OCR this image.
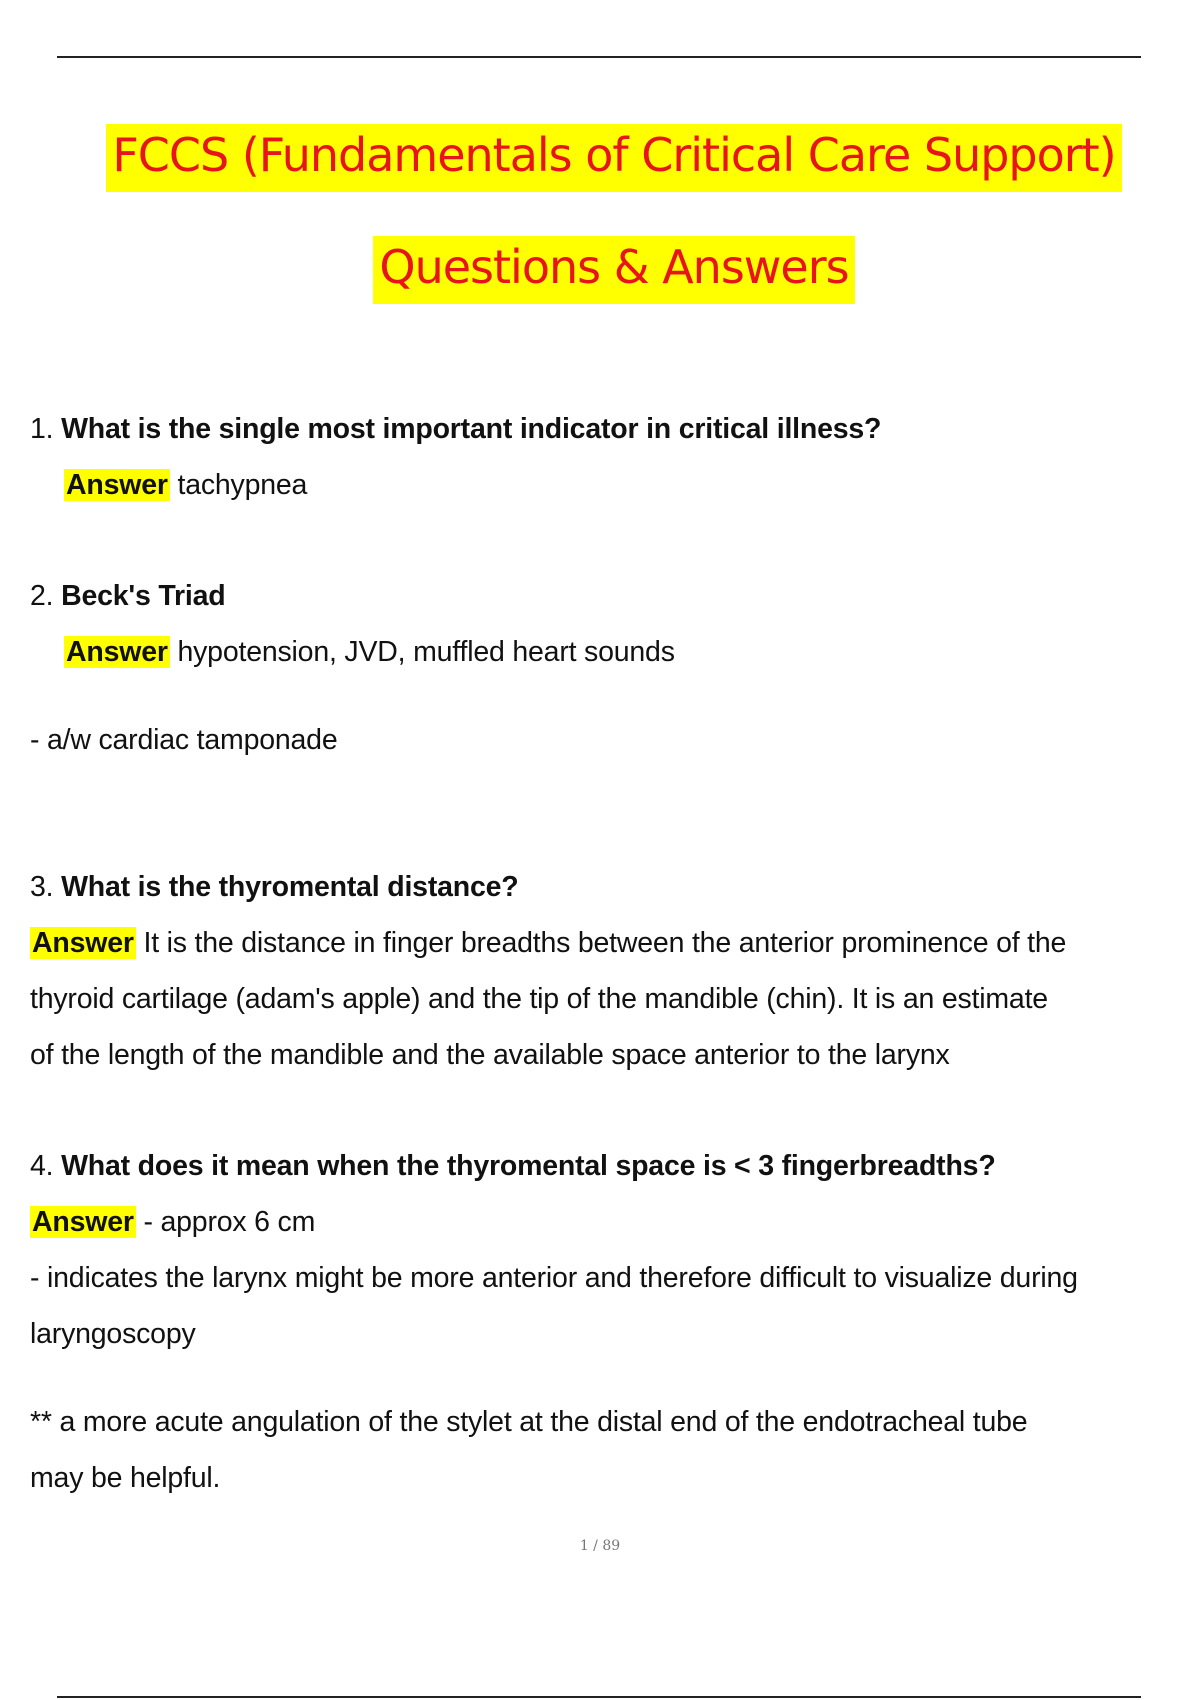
FCCS (Fundamentals of Critical Care Support)
Questions & Answers
1. What is the single most important indicator in critical illness?
Answer tachypnea
2. Beck's Triad
Answer hypotension, JVD, muffled heart sounds
- a/w cardiac tamponade
3. What is the thyromental distance?
Answer It is the distance in finger breadths between the anterior prominence of the
thyroid cartilage (adam's apple) and the tip of the mandible (chin). It is an estimate
of the length of the mandible and the available space anterior to the larynx
4. What does it mean when the thyromental space is < 3 fingerbreadths?
Answer - approx 6 cm
- indicates the larynx might be more anterior and therefore difficult to visualize during
laryngoscopy
** a more acute angulation of the stylet at the distal end of the endotracheal tube
may be helpful.
1 / 89
